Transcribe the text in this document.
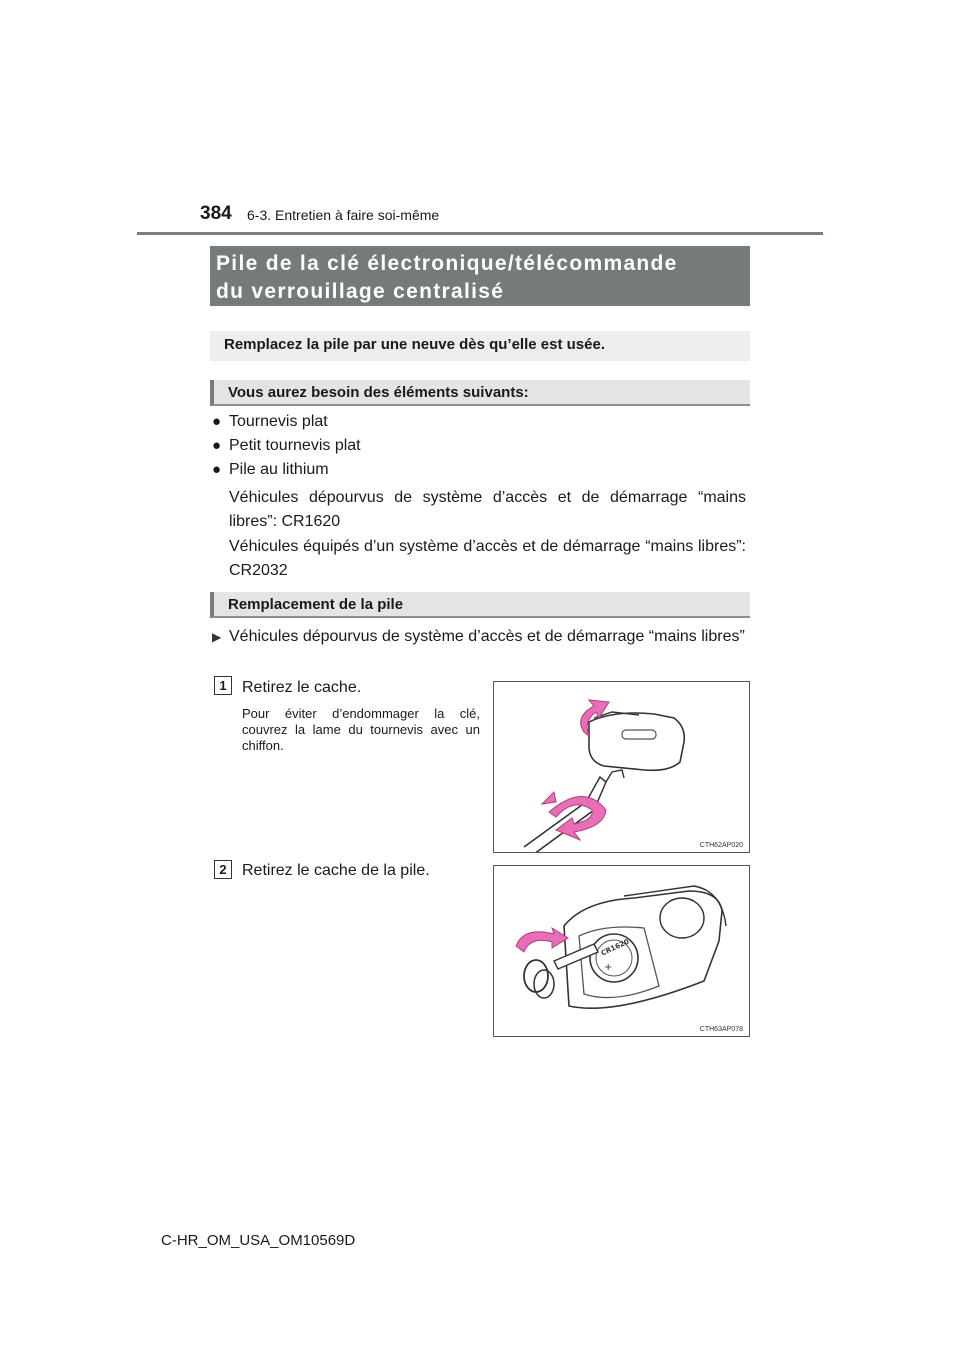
384 6-3. Entretien à faire soi-même
Pile de la clé électronique/télécommande
du verrouillage centralisé
Remplacez la pile par une neuve dès qu’elle est usée.
Vous aurez besoin des éléments suivants:
● Tournevis plat
● Petit tournevis plat
● Pile au lithium
Véhicules dépourvus de système d’accès et de démarrage “mains libres”: CR1620
Véhicules équipés d’un système d’accès et de démarrage “mains libres”: CR2032
Remplacement de la pile
▶ Véhicules dépourvus de système d’accès et de démarrage “mains libres”
1 Retirez le cache.
Pour éviter d’endommager la clé, couvrez la lame du tournevis avec un chiffon.
CTH62AP020
2 Retirez le cache de la pile.
CR1620
+
CTH63AP078
C-HR_OM_USA_OM10569D
